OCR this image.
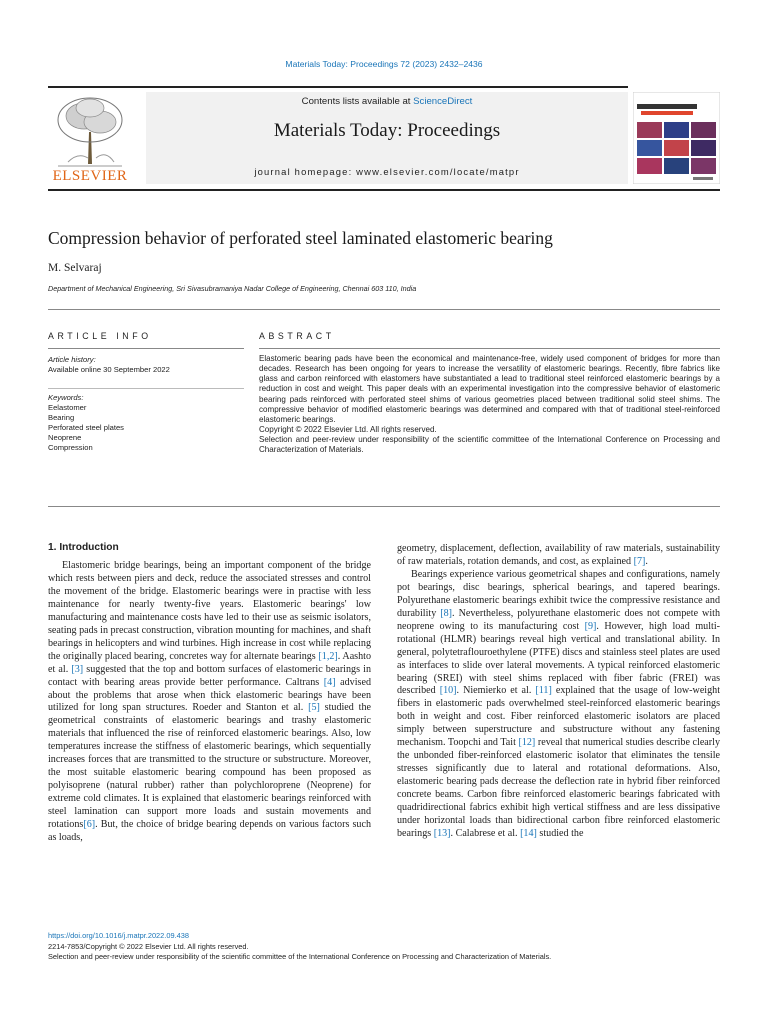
Materials Today: Proceedings 72 (2023) 2432–2436
ELSEVIER
Contents lists available at ScienceDirect
Materials Today: Proceedings
journal homepage: www.elsevier.com/locate/matpr
Compression behavior of perforated steel laminated elastomeric bearing
M. Selvaraj
Department of Mechanical Engineering, Sri Sivasubramaniya Nadar College of Engineering, Chennai 603 110, India
ARTICLE INFO	ABSTRACT
Article history:
Available online 30 September 2022
Keywords:
Eelastomer
Bearing
Perforated steel plates
Neoprene
Compression

Elastomeric bearing pads have been the economical and maintenance-free, widely used component of bridges for more than decades. Research has been ongoing for years to increase the versatility of elastomeric bearings. Recently, fibre fabrics like glass and carbon reinforced with elastomers have substantiated a lead to traditional steel reinforced elastomeric bearings by a reduction in cost and weight. This paper deals with an experimental investigation into the compressive behavior of elastomeric bearing pads reinforced with perforated steel shims of various geometries placed between traditional solid steel shims. The compressive behavior of modified elastomeric bearings was determined and compared with that of traditional steel-reinforced elastomeric bearings.

Copyright © 2022 Elsevier Ltd. All rights reserved.

Selection and peer-review under responsibility of the scientific committee of the International Conference on Processing and Characterization of Materials.

1. Introduction

Elastomeric bridge bearings, being an important component of the bridge which rests between piers and deck, reduce the associated stresses and control the movement of the bridge. Elastomeric bearings were in practise with less maintenance for nearly twenty-five years. Elastomeric bearings' low manufacturing and maintenance costs have led to their use as seismic isolators, seating pads in precast construction, vibration mounting for machines, and shaft bearings in helicopters and wind turbines. High increase in cost while replacing the originally placed bearing, concretes way for alternate bearings [1,2]. Aashto et al. [3] suggested that the top and bottom surfaces of elastomeric bearings in contact with bearing areas provide better performance. Caltrans [4] advised about the problems that arose when thick elastomeric bearings have been utilized for long span structures. Roeder and Stanton et al. [5] studied the geometrical constraints of elastomeric bearings and trashy elastomeric materials that influenced the rise of reinforced elastomeric bearings. Also, low temperatures increase the stiffness of elastomeric bearings, which sequentially increases forces that are transmitted to the structure or substructure. Moreover, the most suitable elastomeric bearing compound has been proposed as polyisoprene (natural rubber) rather than polychloroprene (Neoprene) for extreme cold climates. It is explained that elastomeric bearings reinforced with steel lamination can support more loads and sustain movements and rotations[6]. But, the choice of bridge bearing depends on various factors such as loads,

geometry, displacement, deflection, availability of raw materials, sustainability of raw materials, rotation demands, and cost, as explained [7].

Bearings experience various geometrical shapes and configurations, namely pot bearings, disc bearings, spherical bearings, and tapered bearings. Polyurethane elastomeric bearings exhibit twice the compressive resistance and durability [8]. Nevertheless, polyurethane elastomeric does not compete with neoprene owing to its manufacturing cost [9]. However, high load multi-rotational (HLMR) bearings reveal high vertical and translational ability. In general, polytetraflouroethylene (PTFE) discs and stainless steel plates are used as interfaces to slide over lateral movements. A typical reinforced elastomeric bearing (SREI) with steel shims replaced with fiber fabric (FREI) was described [10]. Niemierko et al. [11] explained that the usage of low-weight fibers in elastomeric pads overwhelmed steel-reinforced elastomeric bearings both in weight and cost. Fiber reinforced elastomeric isolators are placed simply between superstructure and substructure without any fastening mechanism. Toopchi and Tait [12] reveal that numerical studies describe clearly the unbonded fiber-reinforced elastomeric isolator that eliminates the tensile stresses significantly due to lateral and rotational deformations. Also, elastomeric bearing pads decrease the deflection rate in hybrid fiber reinforced concrete beams. Carbon fibre reinforced elastomeric bearings fabricated with quadridirectional fabrics exhibit high vertical stiffness and are less dissipative under horizontal loads than bidirectional carbon fibre reinforced elastomeric bearings [13]. Calabrese et al. [14] studied the

https://doi.org/10.1016/j.matpr.2022.09.438
2214-7853/Copyright © 2022 Elsevier Ltd. All rights reserved.
Selection and peer-review under responsibility of the scientific committee of the International Conference on Processing and Characterization of Materials.
